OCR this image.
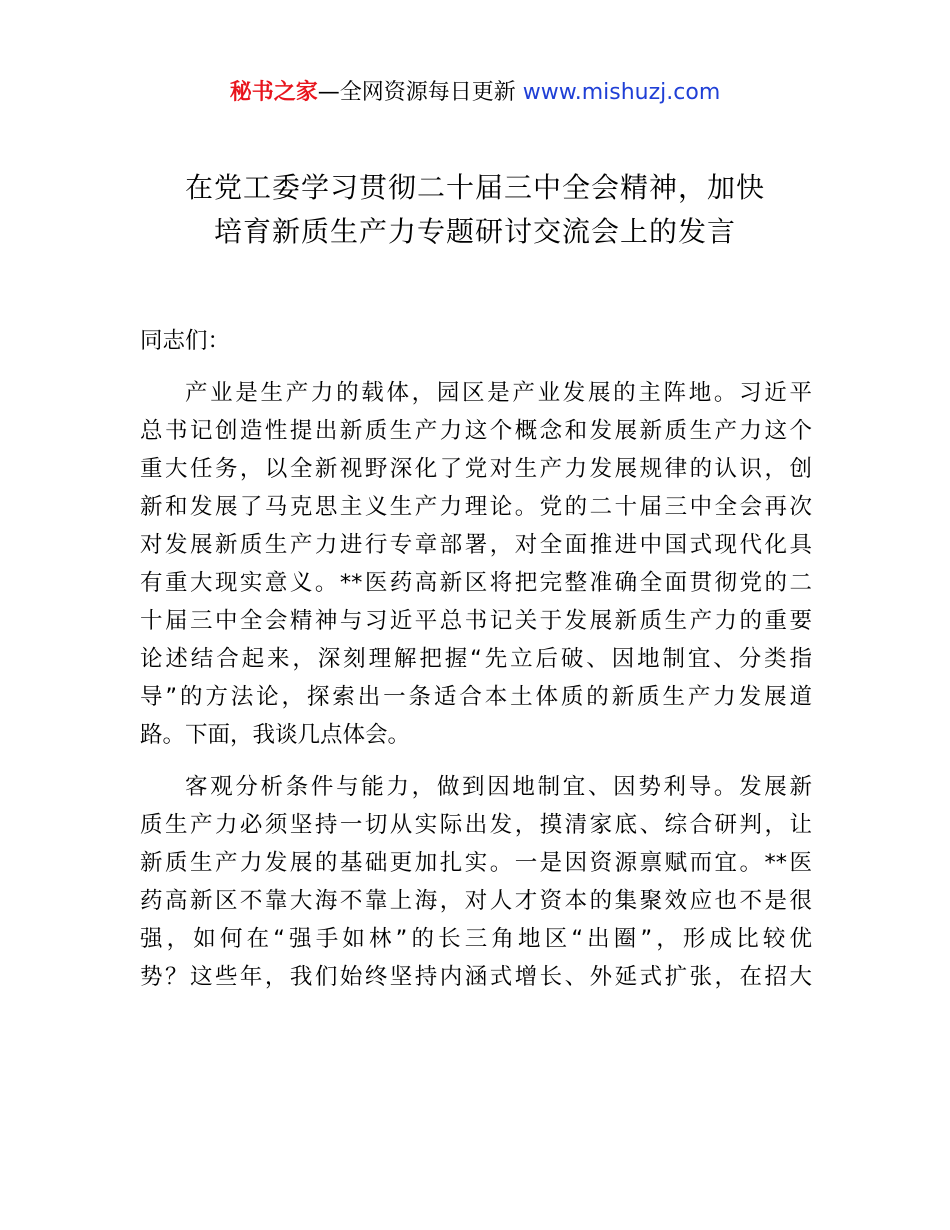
秘书之家—全网资源每日更新 www.mishuzj.com
在党工委学习贯彻二十届三中全会精神，加快
培育新质生产力专题研讨交流会上的发言

同志们：

产业是生产力的载体，园区是产业发展的主阵地。习近平
总书记创造性提出新质生产力这个概念和发展新质生产力这个
重大任务，以全新视野深化了党对生产力发展规律的认识，创
新和发展了马克思主义生产力理论。党的二十届三中全会再次
对发展新质生产力进行专章部署，对全面推进中国式现代化具
有重大现实意义。**医药高新区将把完整准确全面贯彻党的二
十届三中全会精神与习近平总书记关于发展新质生产力的重要
论述结合起来，深刻理解把握“先立后破、因地制宜、分类指
导”的方法论，探索出一条适合本土体质的新质生产力发展道
路。下面，我谈几点体会。

客观分析条件与能力，做到因地制宜、因势利导。发展新
质生产力必须坚持一切从实际出发，摸清家底、综合研判，让
新质生产力发展的基础更加扎实。一是因资源禀赋而宜。**医
药高新区不靠大海不靠上海，对人才资本的集聚效应也不是很
强，如何在“强手如林”的长三角地区“出圈”，形成比较优
势？这些年，我们始终坚持内涵式增长、外延式扩张，在招大
